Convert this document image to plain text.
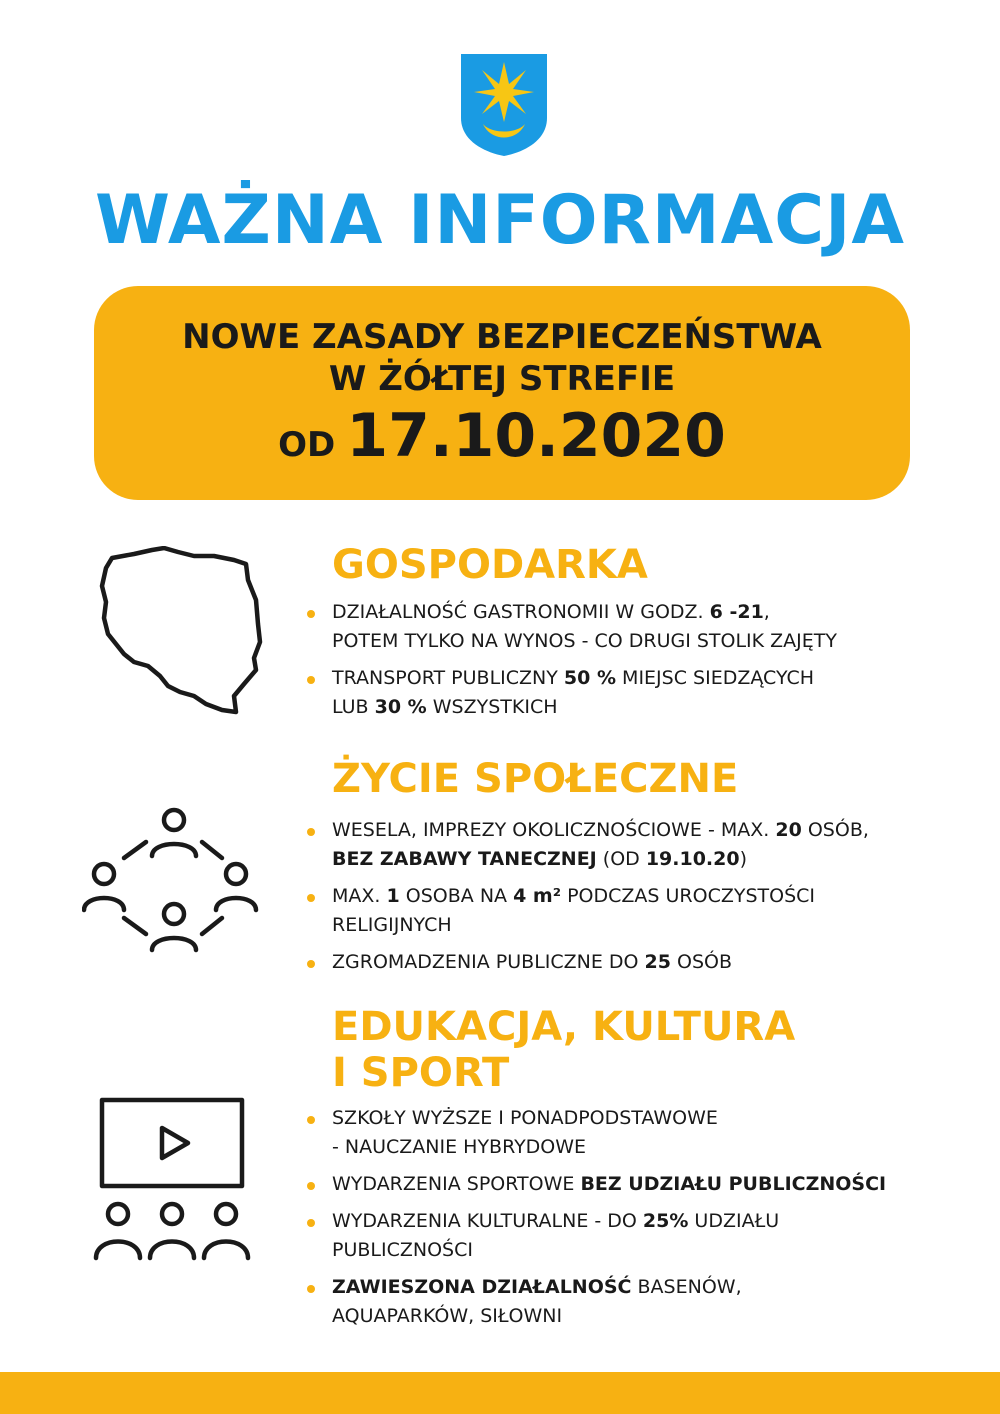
WAŻNA INFORMACJA
NOWE ZASADY BEZPIECZEŃSTWA
W ŻÓŁTEJ STREFIE
OD 17.10.2020
GOSPODARKA
DZIAŁALNOŚĆ GASTRONOMII W GODZ. 6 -21,
POTEM TYLKO NA WYNOS - CO DRUGI STOLIK ZAJĘTY
TRANSPORT PUBLICZNY 50 % MIEJSC SIEDZĄCYCH
LUB 30 % WSZYSTKICH
ŻYCIE SPOŁECZNE
WESELA, IMPREZY OKOLICZNOŚCIOWE - MAX. 20 OSÓB,
BEZ ZABAWY TANECZNEJ (OD 19.10.20)
MAX. 1 OSOBA NA 4 m² PODCZAS UROCZYSTOŚCI
RELIGIJNYCH
ZGROMADZENIA PUBLICZNE DO 25 OSÓB
EDUKACJA, KULTURA
I SPORT
SZKOŁY WYŻSZE I PONADPODSTAWOWE
- NAUCZANIE HYBRYDOWE
WYDARZENIA SPORTOWE BEZ UDZIAŁU PUBLICZNOŚCI
WYDARZENIA KULTURALNE - DO 25% UDZIAŁU
PUBLICZNOŚCI
ZAWIESZONA DZIAŁALNOŚĆ BASENÓW,
AQUAPARKÓW, SIŁOWNI
